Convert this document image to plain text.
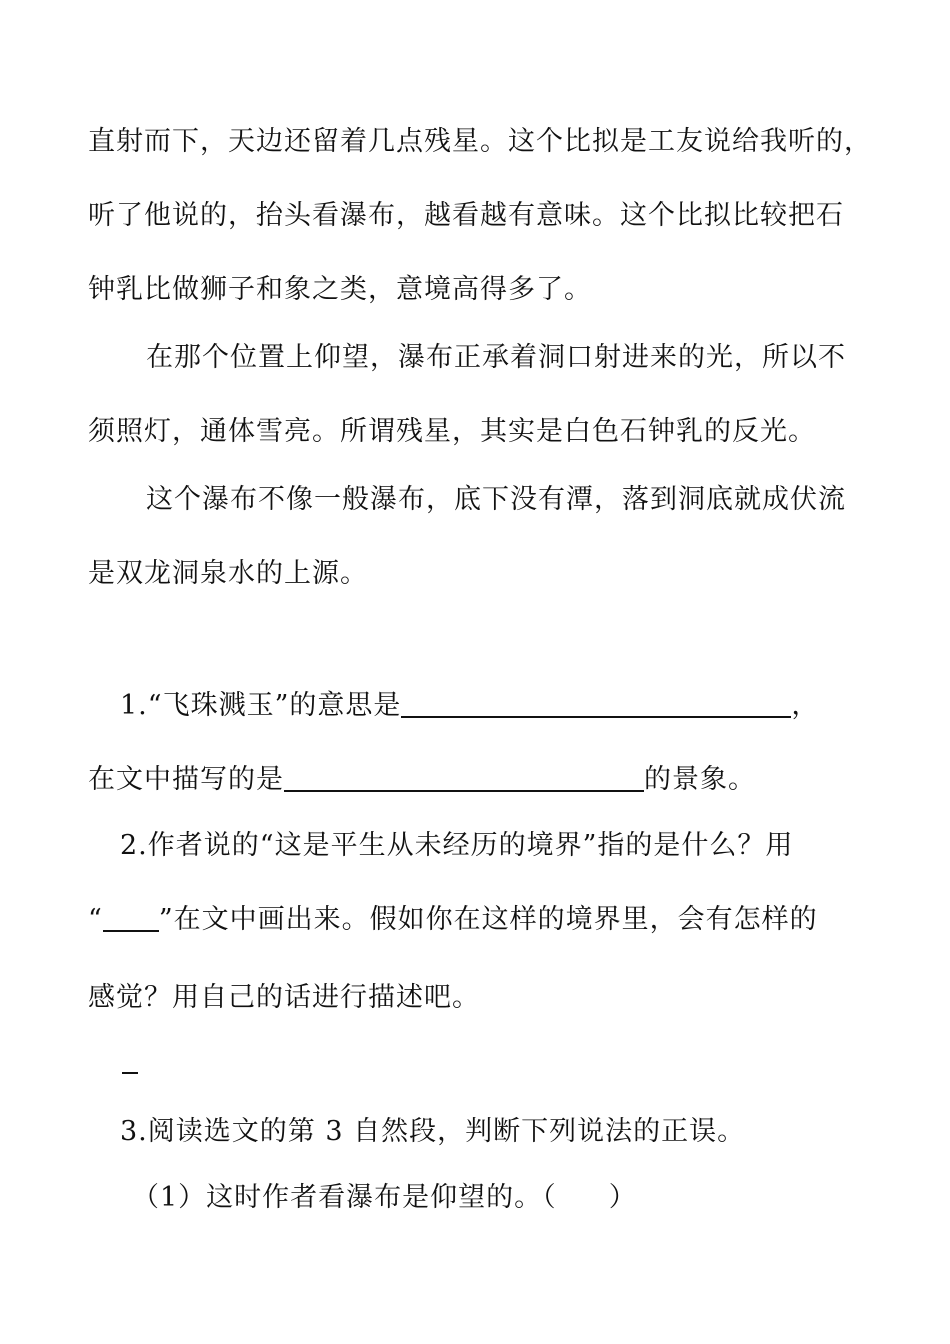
直射而下，天边还留着几点残星。这个比拟是工友说给我听的，
听了他说的，抬头看瀑布，越看越有意味。这个比拟比较把石
钟乳比做狮子和象之类，意境高得多了。
在那个位置上仰望，瀑布正承着洞口射进来的光，所以不
须照灯，通体雪亮。所谓残星，其实是白色石钟乳的反光。
这个瀑布不像一般瀑布，底下没有潭，落到洞底就成伏流
是双龙洞泉水的上源。
1.“飞珠溅玉”的意思是	，
在文中描写的是	的景象。
2.作者说的“这是平生从未经历的境界”指的是什么？用
“ ”在文中画出来。假如你在这样的境界里，会有怎样的
感觉？用自己的话进行描述吧。
3.阅读选文的第 3 自然段，判断下列说法的正误。
（1）这时作者看瀑布是仰望的。（ ）
